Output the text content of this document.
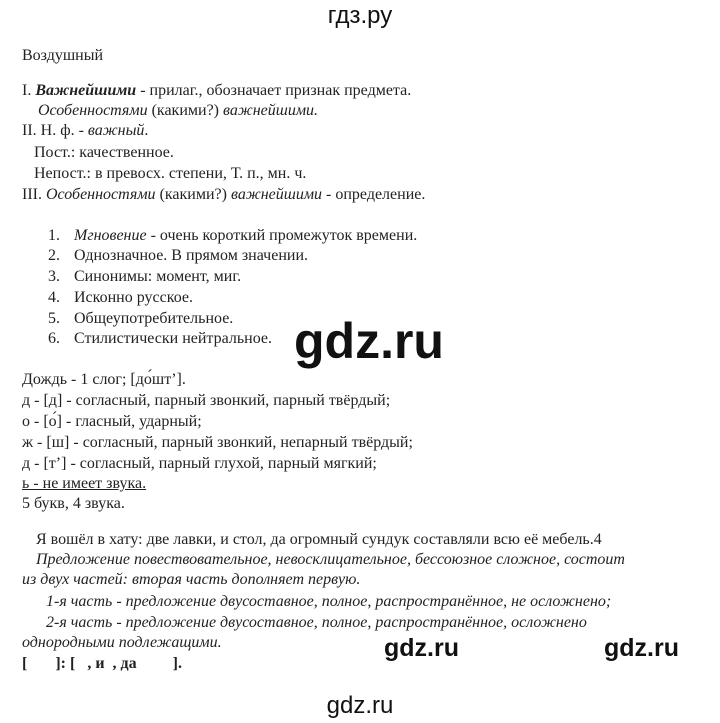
гдз.ру
Воздушный
I. Важнейшими - прилаг., обозначает признак предмета.
Особенностями (какими?) важнейшими.
II. Н. ф. - важный.
Пост.: качественное.
Непост.: в превосх. степени, Т. п., мн. ч.
III. Особенностями (какими?) важнейшими - определение.
1. Мгновение - очень короткий промежуток времени.
2. Однозначное. В прямом значении.
3. Синонимы: момент, миг.
4. Исконно русское.
5. Общеупотребительное.
6. Стилистически нейтральное. gdz.ru
Дождь - 1 слог; [до́шт’].
д - [д] - согласный, парный звонкий, парный твёрдый;
о - [о́] - гласный, ударный;
ж - [ш] - согласный, парный звонкий, непарный твёрдый;
д - [т’] - согласный, парный глухой, парный мягкий;
ь - не имеет звука.
5 букв, 4 звука.
Я вошёл в хату: две лавки, и стол, да огромный сундук составляли всю её мебель.4
Предложение повествовательное, невосклицательное, бессоюзное сложное, состоит
из двух частей: вторая часть дополняет первую.
1-я часть - предложение двусоставное, полное, распространённое, не осложнено;
2-я часть - предложение двусоставное, полное, распространённое, осложнено
однородными подлежащими.
[       ]: [   , и  , да         ].
gdz.ru	gdz.ru
gdz.ru
